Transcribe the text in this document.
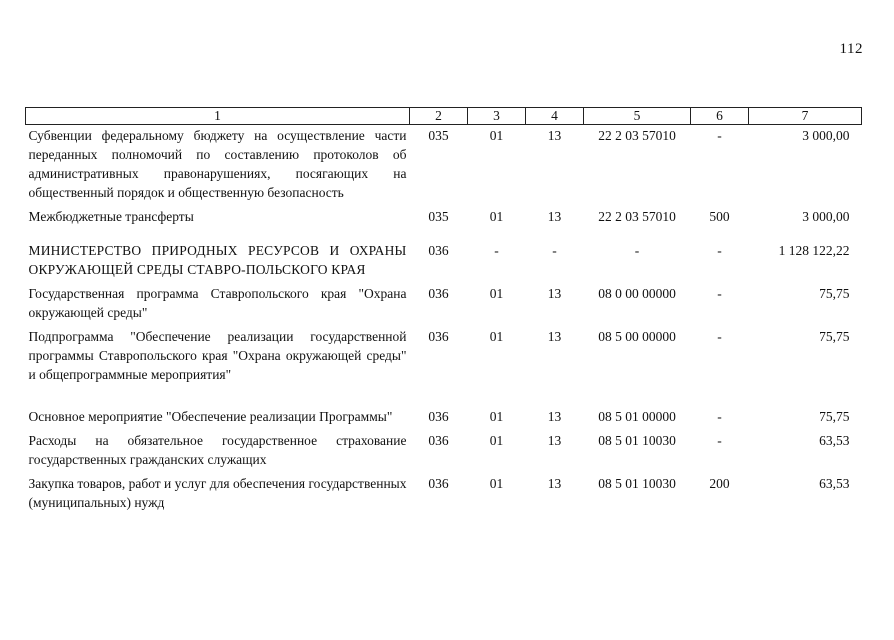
112
1	2	3	4	5	6	7
Субвенции федеральному бюджету на осуществление части переданных полномочий по составлению протоколов об административных правонарушениях, посягающих на общественный порядок и общественную безопасность	035	01	13	22 2 03 57010	-	3 000,00
Межбюджетные трансферты	035	01	13	22 2 03 57010	500	3 000,00

МИНИСТЕРСТВО ПРИРОДНЫХ РЕСУРСОВ И ОХРАНЫ ОКРУЖАЮЩЕЙ СРЕДЫ СТАВРО-ПОЛЬСКОГО КРАЯ	036	-	-	-	-	1 128 122,22
Государственная программа Ставропольского края "Охрана окружающей среды"	036	01	13	08 0 00 00000	-	75,75
Подпрограмма "Обеспечение реализации государственной программы Ставропольского края "Охрана окружающей среды" и общепрограммные мероприятия"	036	01	13	08 5 00 00000	-	75,75

Основное мероприятие "Обеспечение реализации Программы"	036	01	13	08 5 01 00000	-	75,75
Расходы на обязательное государственное страхование государственных гражданских служащих	036	01	13	08 5 01 10030	-	63,53
Закупка товаров, работ и услуг для обеспечения государственных (муниципальных) нужд	036	01	13	08 5 01 10030	200	63,53
